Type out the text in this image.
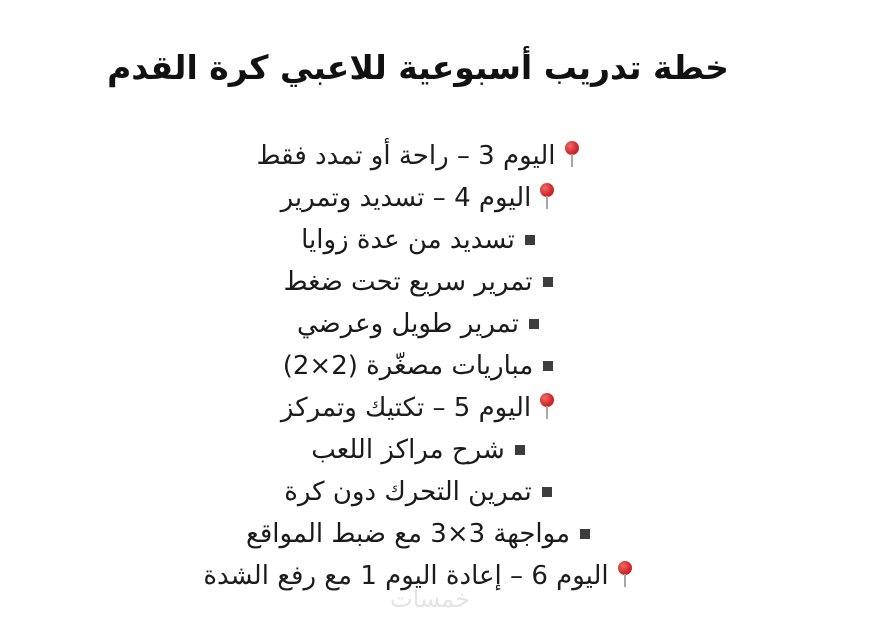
خطة تدريب أسبوعية للاعبي كرة القدم
اليوم 3 – راحة أو تمدد فقط
اليوم 4 – تسديد وتمرير
تسديد من عدة زوايا
تمرير سريع تحت ضغط
تمرير طويل وعرضي
مباريات مصغّرة (2×2)
اليوم 5 – تكتيك وتمركز
شرح مراكز اللعب
تمرين التحرك دون كرة
مواجهة 3×3 مع ضبط المواقع
اليوم 6 – إعادة اليوم 1 مع رفع الشدة
خمسات
